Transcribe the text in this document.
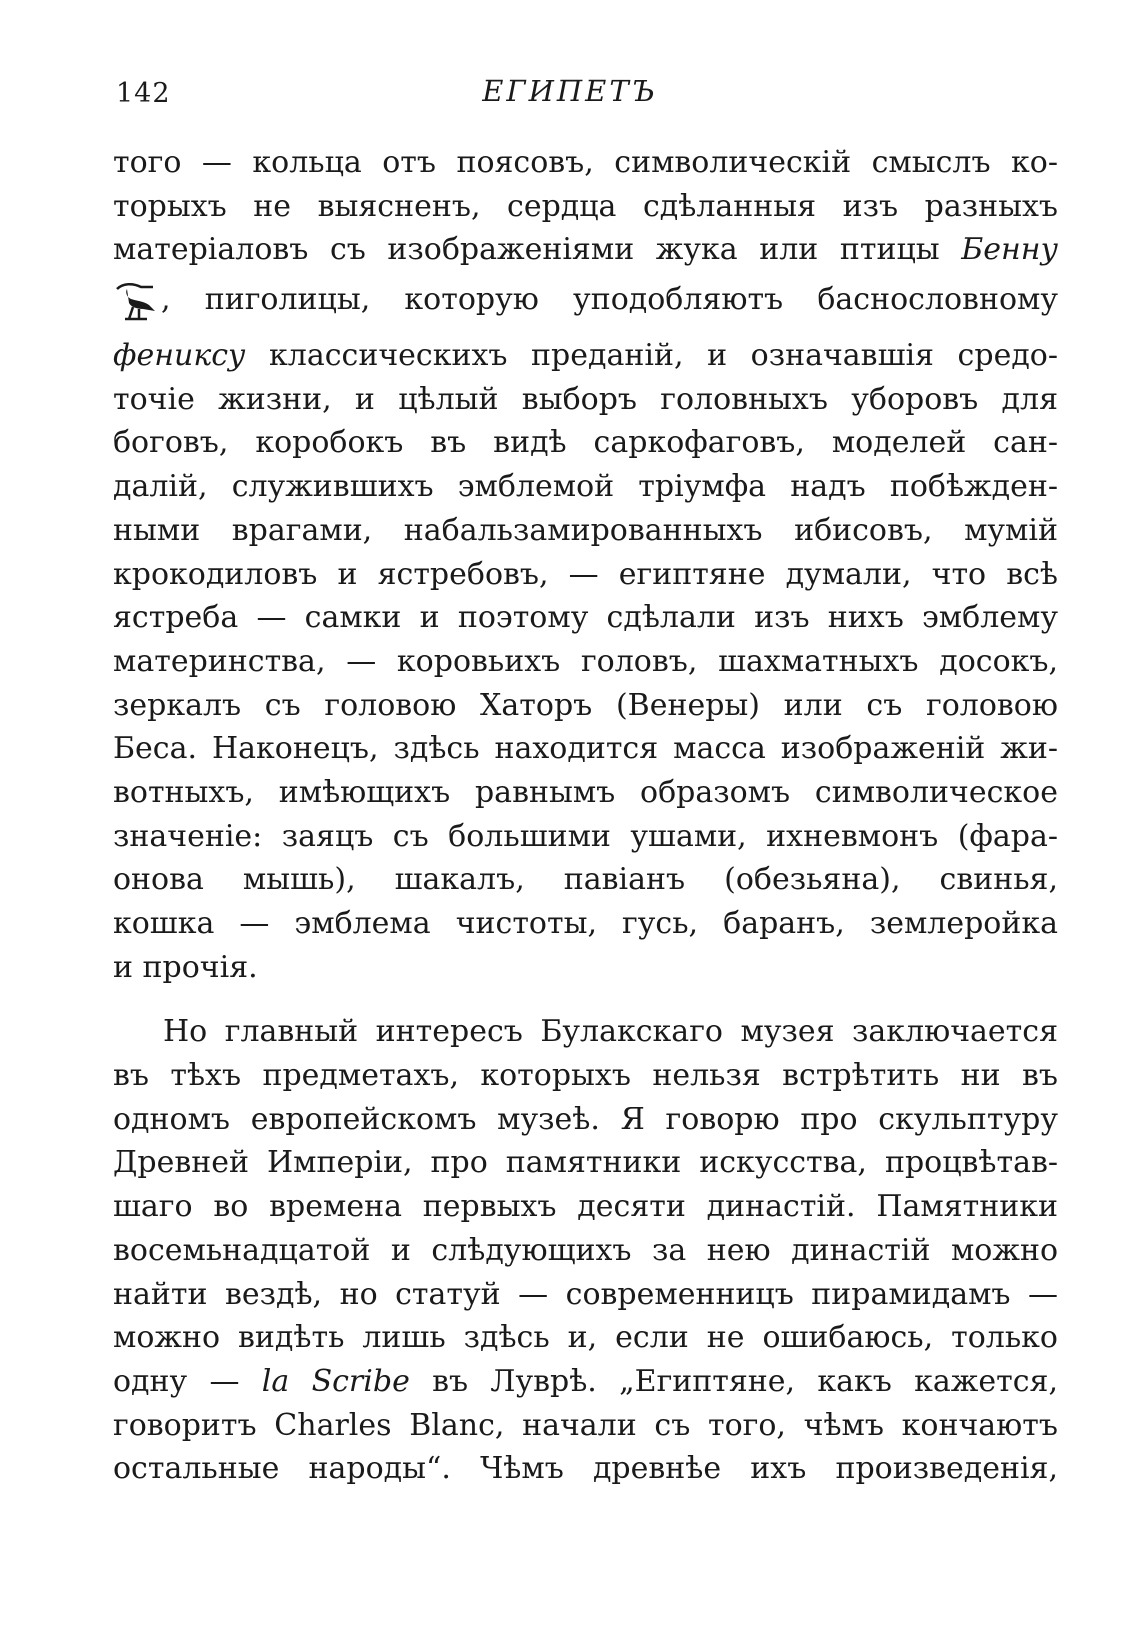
142	ЕГИПЕТЪ
того — кольца отъ поясовъ, символическій смыслъ ко-
торыхъ не выясненъ, сердца сдѣланныя изъ разныхъ
матеріаловъ съ изображеніями жука или птицы Бенну
, пиголицы, которую уподобляютъ баснословному
фениксу классическихъ преданій, и означавшія средо-
точіе жизни, и цѣлый выборъ головныхъ уборовъ для
боговъ, коробокъ въ видѣ саркофаговъ, моделей сан-
далій, служившихъ эмблемой тріумфа надъ побѣжден-
ными врагами, набальзамированныхъ ибисовъ, мумій
крокодиловъ и ястребовъ, — египтяне думали, что всѣ
ястреба — самки и поэтому сдѣлали изъ нихъ эмблему
материнства, — коровьихъ головъ, шахматныхъ досокъ,
зеркалъ съ головою Хаторъ (Венеры) или съ головою
Беса. Наконецъ, здѣсь находится масса изображеній жи-
вотныхъ, имѣющихъ равнымъ образомъ символическое
значеніе: заяцъ съ большими ушами, ихневмонъ (фара-
онова мышь), шакалъ, павіанъ (обезьяна), свинья,
кошка — эмблема чистоты, гусь, баранъ, землеройка
и прочія.
Но главный интересъ Булакскаго музея заключается
въ тѣхъ предметахъ, которыхъ нельзя встрѣтить ни въ
одномъ европейскомъ музеѣ. Я говорю про скульптуру
Древней Имперіи, про памятники искусства, процвѣтав-
шаго во времена первыхъ десяти династій. Памятники
восемьнадцатой и слѣдующихъ за нею династій можно
найти вездѣ, но статуй — современницъ пирамидамъ —
можно видѣть лишь здѣсь и, если не ошибаюсь, только
одну — la Scribe въ Луврѣ. „Египтяне, какъ кажется,
говоритъ Charles Blanc, начали съ того, чѣмъ кончаютъ
остальные народы“. Чѣмъ древнѣе ихъ произведенія,
